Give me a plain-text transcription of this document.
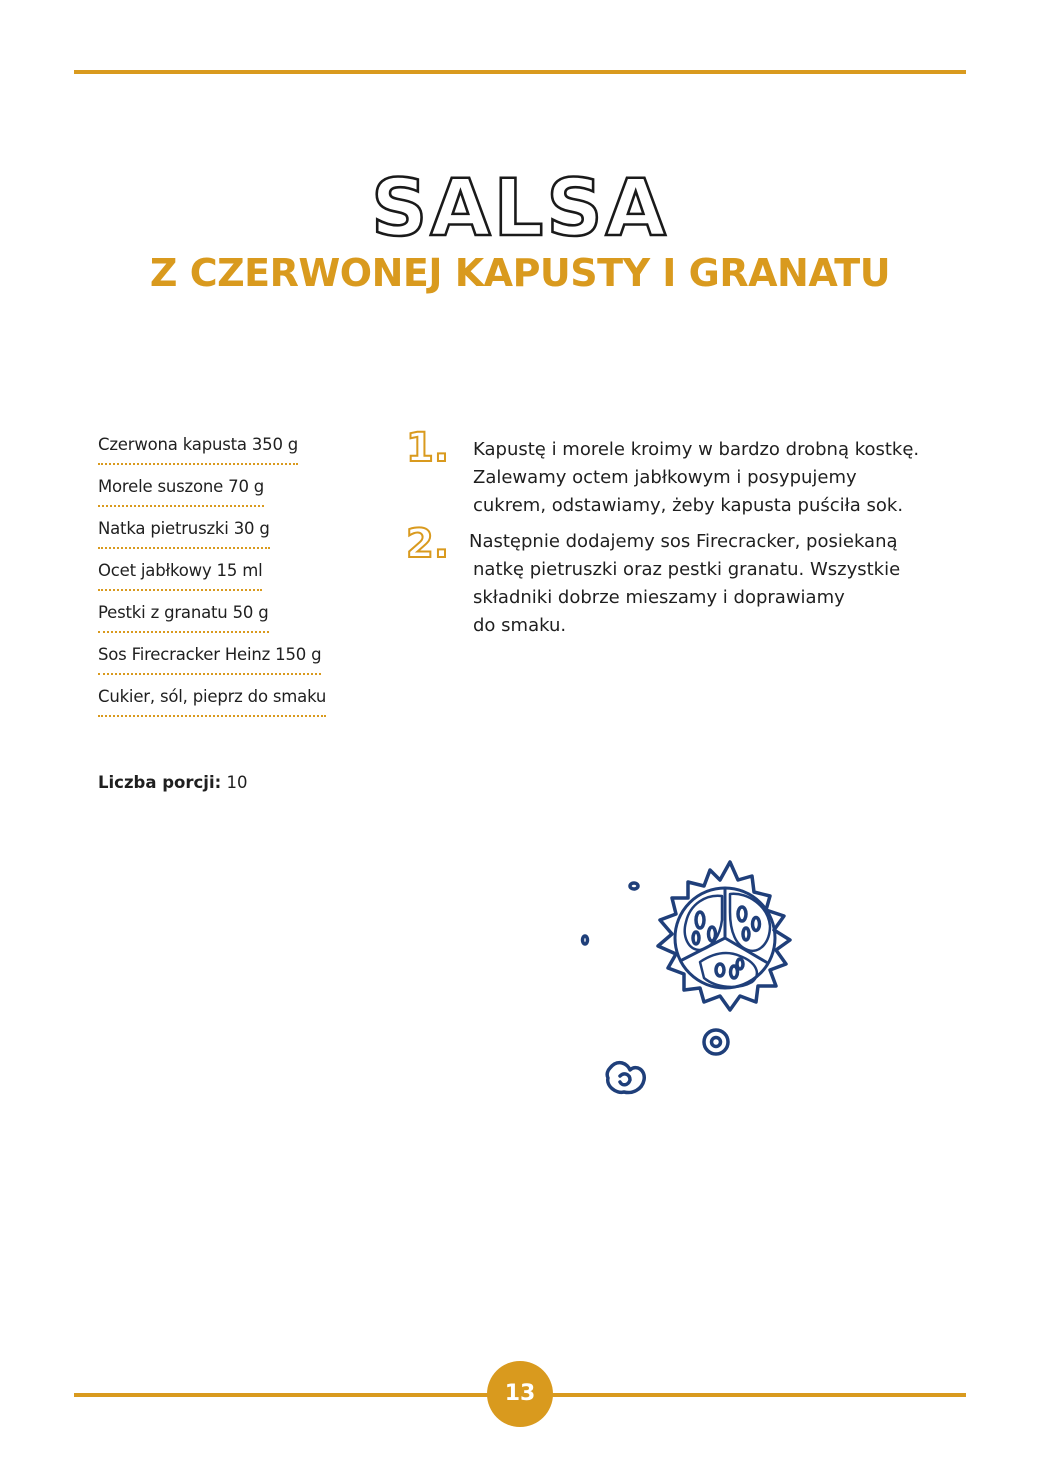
SALSA
Z CZERWONEJ KAPUSTY I GRANATU
Czerwona kapusta 350 g
Morele suszone 70 g
Natka pietruszki 30 g
Ocet jabłkowy 15 ml
Pestki z granatu 50 g
Sos Firecracker Heinz 150 g
Cukier, sól, pieprz do smaku
Liczba porcji: 10
1. Kapustę i morele kroimy w bardzo drobną kostkę.
Zalewamy octem jabłkowym i posypujemy
cukrem, odstawiamy, żeby kapusta puściła sok.
2. Następnie dodajemy sos Firecracker, posiekaną
natkę pietruszki oraz pestki granatu. Wszystkie
składniki dobrze mieszamy i doprawiamy
do smaku.
13
